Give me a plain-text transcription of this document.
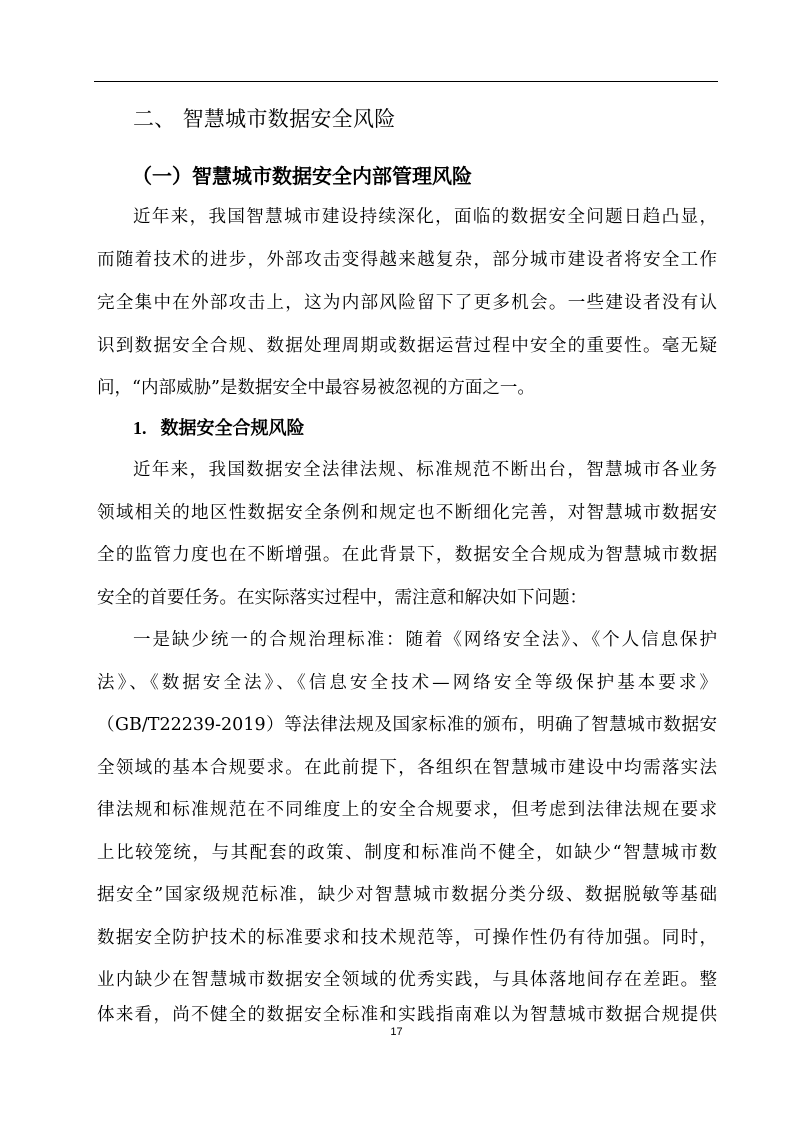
二、 智慧城市数据安全风险
（一）智慧城市数据安全内部管理风险
近年来，我国智慧城市建设持续深化，面临的数据安全问题日趋凸显，
而随着技术的进步，外部攻击变得越来越复杂，部分城市建设者将安全工作
完全集中在外部攻击上，这为内部风险留下了更多机会。一些建设者没有认
识到数据安全合规、数据处理周期或数据运营过程中安全的重要性。毫无疑
问，“内部威胁”是数据安全中最容易被忽视的方面之一。
1. 数据安全合规风险
近年来，我国数据安全法律法规、标准规范不断出台，智慧城市各业务
领域相关的地区性数据安全条例和规定也不断细化完善，对智慧城市数据安
全的监管力度也在不断增强。在此背景下，数据安全合规成为智慧城市数据
安全的首要任务。在实际落实过程中，需注意和解决如下问题：
一是缺少统一的合规治理标准：随着《网络安全法》、《个人信息保护
法》、《数据安全法》、《信息安全技术—网络安全等级保护基本要求》
（GB/T22239-2019）等法律法规及国家标准的颁布，明确了智慧城市数据安
全领域的基本合规要求。在此前提下，各组织在智慧城市建设中均需落实法
律法规和标准规范在不同维度上的安全合规要求，但考虑到法律法规在要求
上比较笼统，与其配套的政策、制度和标准尚不健全，如缺少“智慧城市数
据安全”国家级规范标准，缺少对智慧城市数据分类分级、数据脱敏等基础
数据安全防护技术的标准要求和技术规范等，可操作性仍有待加强。同时，
业内缺少在智慧城市数据安全领域的优秀实践，与具体落地间存在差距。整
体来看，尚不健全的数据安全标准和实践指南难以为智慧城市数据合规提供
17
